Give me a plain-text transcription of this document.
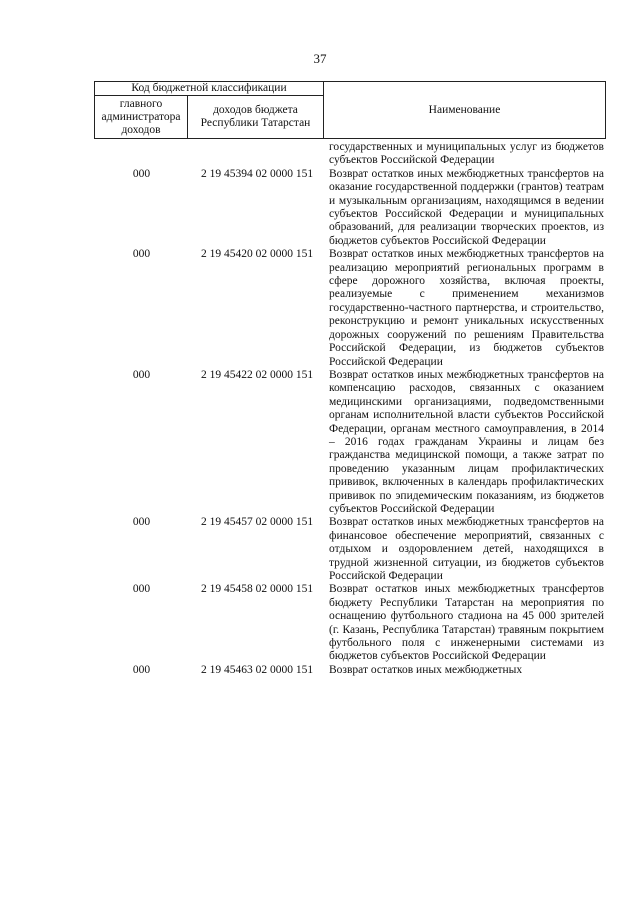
37
Код бюджетной классификации		Наименование
главного администратора доходов	доходов бюджета Республики Татарстан	
государственных и муниципальных услуг из бюджетов субъектов Российской Федерации
000	2 19 45394 02 0000 151	Возврат остатков иных межбюджетных трансфертов на оказание государственной поддержки (грантов) театрам и музыкальным организациям, находящимся в ведении субъектов Российской Федерации и муниципальных образований, для реализации творческих проектов, из бюджетов субъектов Российской Федерации
000	2 19 45420 02 0000 151	Возврат остатков иных межбюджетных трансфертов на реализацию мероприятий региональных программ в сфере дорожного хозяйства, включая проекты, реализуемые с применением механизмов государственно-частного партнерства, и строительство, реконструкцию и ремонт уникальных искусственных дорожных сооружений по решениям Правительства Российской Федерации, из бюджетов субъектов Российской Федерации
000	2 19 45422 02 0000 151	Возврат остатков иных межбюджетных трансфертов на компенсацию расходов, связанных с оказанием медицинскими организациями, подведомственными органам исполнительной власти субъектов Российской Федерации, органам местного самоуправления, в 2014 – 2016 годах гражданам Украины и лицам без гражданства медицинской помощи, а также затрат по проведению указанным лицам профилактических прививок, включенных в календарь профилактических прививок по эпидемическим показаниям, из бюджетов субъектов Российской Федерации
000	2 19 45457 02 0000 151	Возврат остатков иных межбюджетных трансфертов на финансовое обеспечение мероприятий, связанных с отдыхом и оздоровлением детей, находящихся в трудной жизненной ситуации, из бюджетов субъектов Российской Федерации
000	2 19 45458 02 0000 151	Возврат остатков иных межбюджетных трансфертов бюджету Республики Татарстан на мероприятия по оснащению футбольного стадиона на 45 000 зрителей (г. Казань, Республика Татарстан) травяным покрытием футбольного поля с инженерными системами из бюджетов субъектов Российской Федерации
000	2 19 45463 02 0000 151	Возврат остатков иных межбюджетных
